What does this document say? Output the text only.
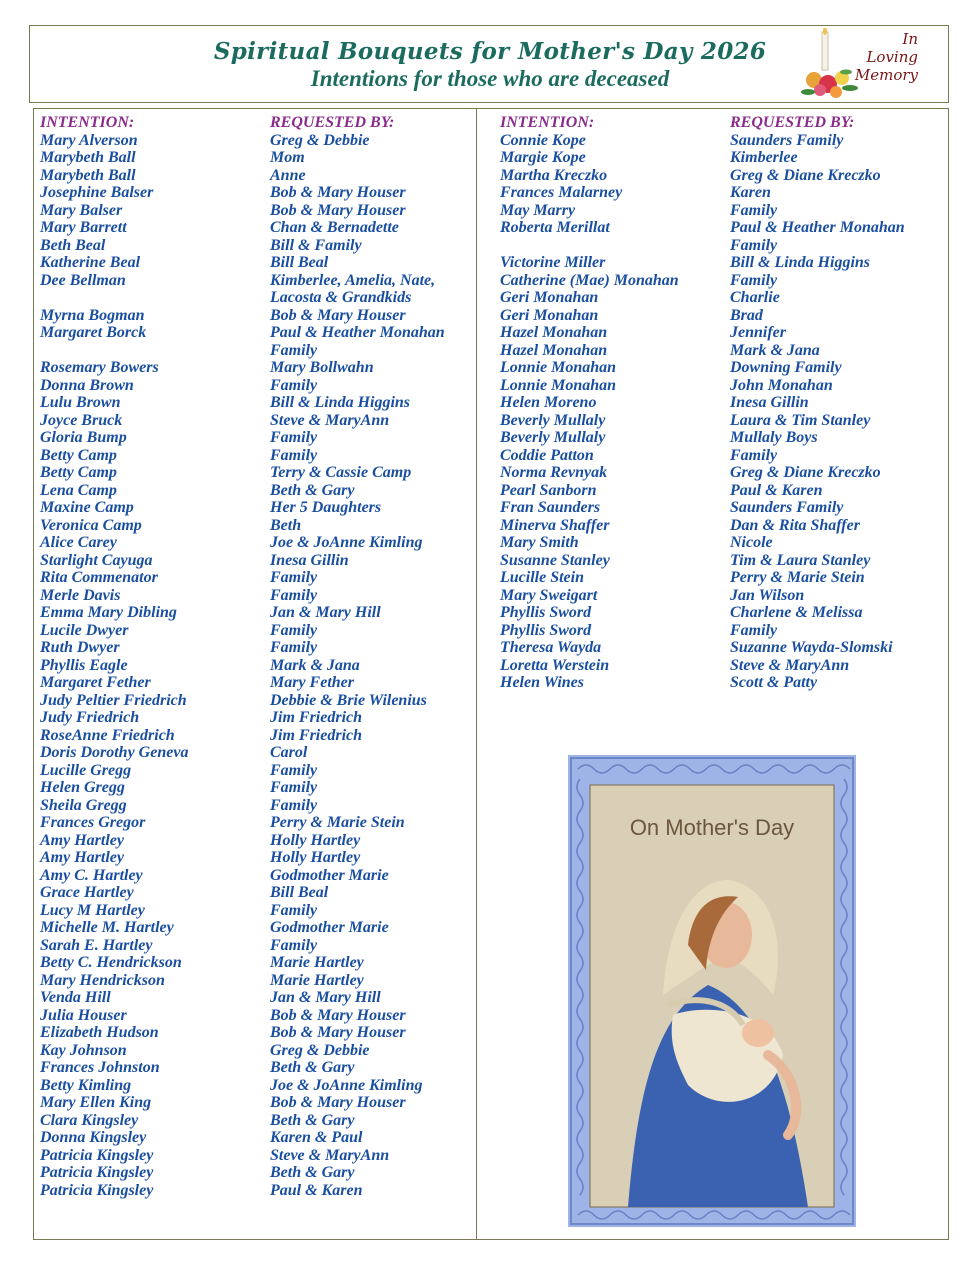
Spiritual Bouquets for Mother's Day 2026
Intentions for those who are deceased
In
Loving
Memory
INTENTION:
Mary Alverson
Marybeth Ball
Marybeth Ball
Josephine Balser
Mary Balser
Mary Barrett
Beth Beal
Katherine Beal
Dee Bellman
Myrna Bogman
Margaret Borck
Rosemary Bowers
Donna Brown
Lulu Brown
Joyce Bruck
Gloria Bump
Betty Camp
Betty Camp
Lena Camp
Maxine Camp
Veronica Camp
Alice Carey
Starlight Cayuga
Rita Commenator
Merle Davis
Emma Mary Dibling
Lucile Dwyer
Ruth Dwyer
Phyllis Eagle
Margaret Fether
Judy Peltier Friedrich
Judy Friedrich
RoseAnne Friedrich
Doris Dorothy Geneva
Lucille Gregg
Helen Gregg
Sheila Gregg
Frances Gregor
Amy Hartley
Amy Hartley
Amy C. Hartley
Grace Hartley
Lucy M Hartley
Michelle M. Hartley
Sarah E. Hartley
Betty C. Hendrickson
Mary Hendrickson
Venda Hill
Julia Houser
Elizabeth Hudson
Kay Johnson
Frances Johnston
Betty Kimling
Mary Ellen King
Clara Kingsley
Donna Kingsley
Patricia Kingsley
Patricia Kingsley
Patricia Kingsley
REQUESTED BY:
Greg & Debbie
Mom
Anne
Bob & Mary Houser
Bob & Mary Houser
Chan & Bernadette
Bill & Family
Bill Beal
Kimberlee, Amelia, Nate,
Lacosta & Grandkids
Bob & Mary Houser
Paul & Heather Monahan
Family
Mary Bollwahn
Family
Bill & Linda Higgins
Steve & MaryAnn
Family
Family
Terry & Cassie Camp
Beth & Gary
Her 5 Daughters
Beth
Joe & JoAnne Kimling
Inesa Gillin
Family
Family
Jan & Mary Hill
Family
Family
Mark & Jana
Mary Fether
Debbie & Brie Wilenius
Jim Friedrich
Jim Friedrich
Carol
Family
Family
Family
Perry & Marie Stein
Holly Hartley
Holly Hartley
Godmother Marie
Bill Beal
Family
Godmother Marie
Family
Marie Hartley
Marie Hartley
Jan & Mary Hill
Bob & Mary Houser
Bob & Mary Houser
Greg & Debbie
Beth & Gary
Joe & JoAnne Kimling
Bob & Mary Houser
Beth & Gary
Karen & Paul
Steve & MaryAnn
Beth & Gary
Paul & Karen
INTENTION:
Connie Kope
Margie Kope
Martha Kreczko
Frances Malarney
May Marry
Roberta Merillat
Victorine Miller
Catherine (Mae) Monahan
Geri Monahan
Geri Monahan
Hazel Monahan
Hazel Monahan
Lonnie Monahan
Lonnie Monahan
Helen Moreno
Beverly Mullaly
Beverly Mullaly
Coddie Patton
Norma Revnyak
Pearl Sanborn
Fran Saunders
Minerva Shaffer
Mary Smith
Susanne Stanley
Lucille Stein
Mary Sweigart
Phyllis Sword
Phyllis Sword
Theresa Wayda
Loretta Werstein
Helen Wines
REQUESTED BY:
Saunders Family
Kimberlee
Greg & Diane Kreczko
Karen
Family
Paul & Heather Monahan
Family
Bill & Linda Higgins
Family
Charlie
Brad
Jennifer
Mark & Jana
Downing Family
John Monahan
Inesa Gillin
Laura & Tim Stanley
Mullaly Boys
Family
Greg & Diane Kreczko
Paul & Karen
Saunders Family
Dan & Rita Shaffer
Nicole
Tim & Laura Stanley
Perry & Marie Stein
Jan Wilson
Charlene & Melissa
Family
Suzanne Wayda-Slomski
Steve & MaryAnn
Scott & Patty
On Mother's Day
